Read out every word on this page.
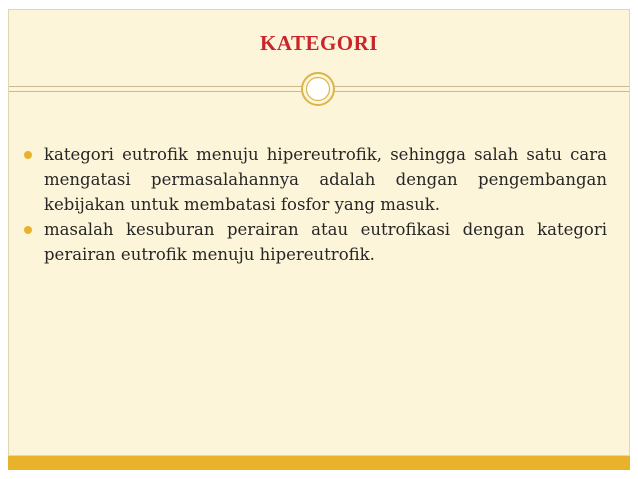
KATEGORI
kategori eutrofik menuju hipereutrofik, sehingga salah satu cara mengatasi permasalahannya adalah dengan pengembangan kebijakan untuk membatasi fosfor yang masuk.
masalah kesuburan perairan atau eutrofikasi dengan kategori perairan eutrofik menuju hipereutrofik.
